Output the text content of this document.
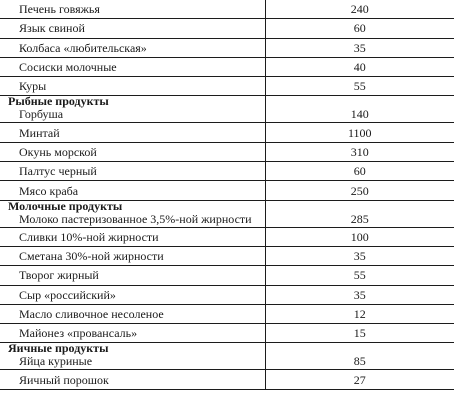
Печень говяжья	240
Язык свиной	60
Колбаса «любительская»	35
Сосиски молочные	40
Куры	55

Рыбные продукты
Горбуша	140
Минтай	1100
Окунь морской	310
Палтус черный	60
Мясо краба	250

Молочные продукты
Молоко пастеризованное 3,5%-ной жирности	285
Сливки 10%-ной жирности	100
Сметана 30%-ной жирности	35
Творог жирный	55
Сыр «российский»	35
Масло сливочное несоленое	12
Майонез «провансаль»	15

Яичные продукты
Яйца куриные	85
Яичный порошок	27
